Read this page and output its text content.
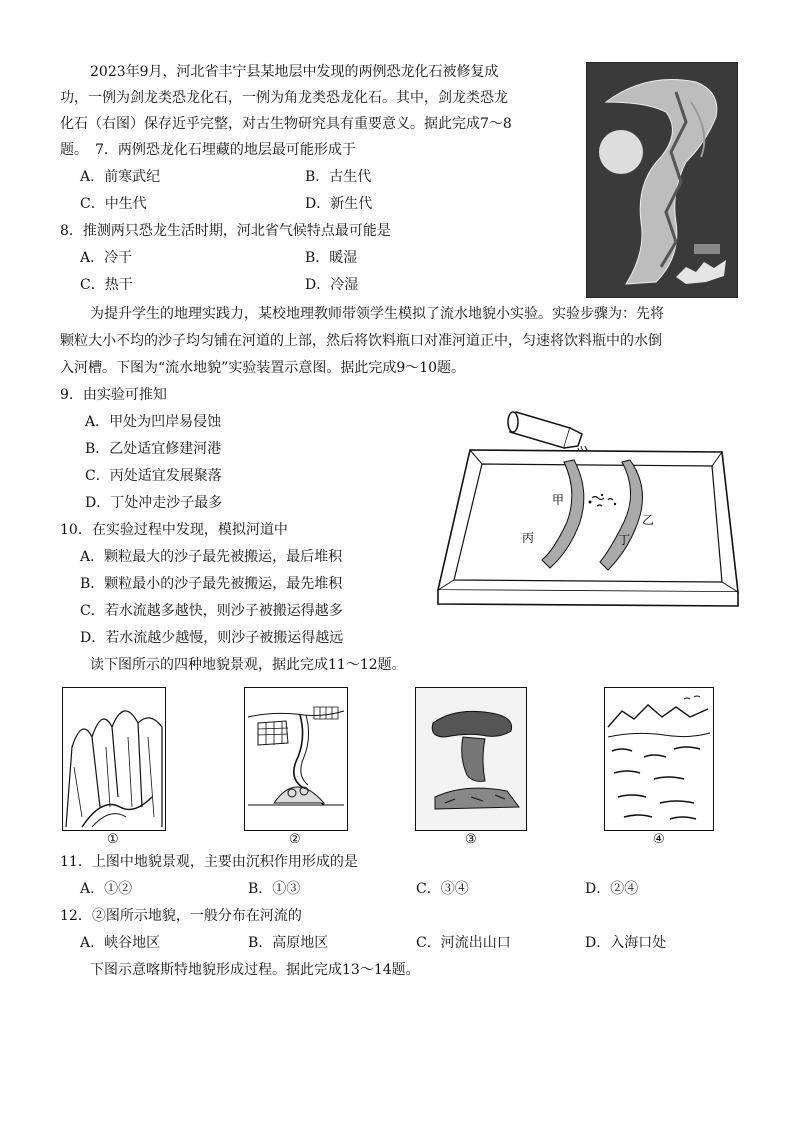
2023年9月，河北省丰宁县某地层中发现的两例恐龙化石被修复成
功，一例为剑龙类恐龙化石，一例为角龙类恐龙化石。其中，剑龙类恐龙
化石（右图）保存近乎完整，对古生物研究具有重要意义。据此完成7～8
题。 7．两例恐龙化石埋藏的地层最可能形成于
A．前寒武纪	B．古生代
C．中生代	D．新生代
8．推测两只恐龙生活时期，河北省气候特点最可能是
A．冷干	B．暖湿
C．热干	D．冷湿
为提升学生的地理实践力，某校地理教师带领学生模拟了流水地貌小实验。实验步骤为：先将
颗粒大小不均的沙子均匀铺在河道的上部，然后将饮料瓶口对准河道正中，匀速将饮料瓶中的水倒
入河槽。下图为“流水地貌”实验装置示意图。据此完成9～10题。
9．由实验可推知
A．甲处为凹岸易侵蚀
B．乙处适宜修建河港
C．丙处适宜发展聚落
D．丁处冲走沙子最多
10．在实验过程中发现，模拟河道中
A．颗粒最大的沙子最先被搬运，最后堆积
B．颗粒最小的沙子最先被搬运，最先堆积
C．若水流越多越快，则沙子被搬运得越多
D．若水流越少越慢，则沙子被搬运得越远
甲
乙
丙	丁
读下图所示的四种地貌景观，据此完成11～12题。
①	②	③	④
11．上图中地貌景观，主要由沉积作用形成的是
A．①②	B．①③	C．③④	D．②④
12．②图所示地貌，一般分布在河流的
A．峡谷地区	B．高原地区	C．河流出山口	D．入海口处
下图示意喀斯特地貌形成过程。据此完成13～14题。
